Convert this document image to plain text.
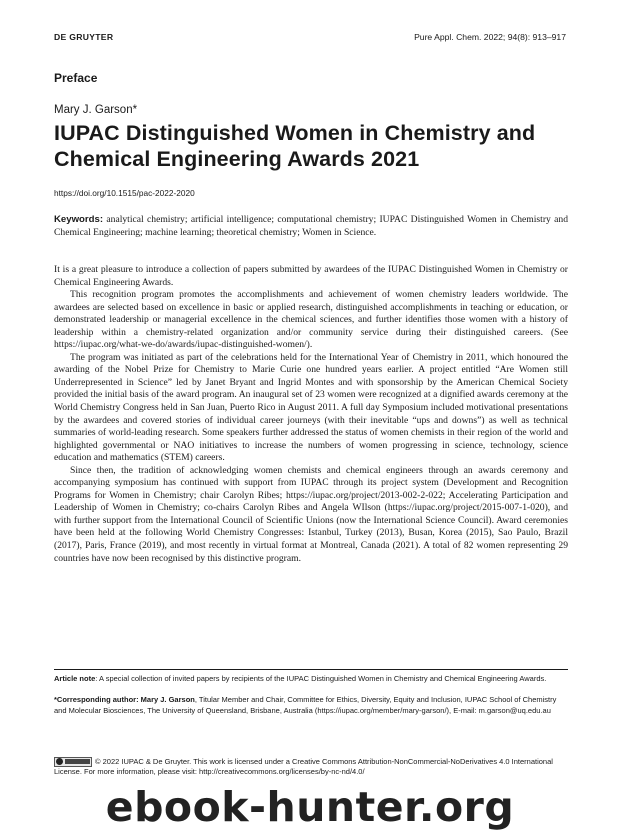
DE GRUYTER	Pure Appl. Chem. 2022; 94(8): 913–917
Preface
Mary J. Garson*
IUPAC Distinguished Women in Chemistry and Chemical Engineering Awards 2021
https://doi.org/10.1515/pac-2022-2020
Keywords: analytical chemistry; artificial intelligence; computational chemistry; IUPAC Distinguished Women in Chemistry and Chemical Engineering; machine learning; theoretical chemistry; Women in Science.

It is a great pleasure to introduce a collection of papers submitted by awardees of the IUPAC Distinguished Women in Chemistry or Chemical Engineering Awards.

This recognition program promotes the accomplishments and achievement of women chemistry leaders worldwide. The awardees are selected based on excellence in basic or applied research, distinguished accomplishments in teaching or education, or demonstrated leadership or managerial excellence in the chemical sciences, and further identifies those women with a history of leadership within a chemistry-related organization and/or community service during their distinguished careers. (See https://iupac.org/what-we-do/awards/iupac-distinguished-women/).

The program was initiated as part of the celebrations held for the International Year of Chemistry in 2011, which honoured the awarding of the Nobel Prize for Chemistry to Marie Curie one hundred years earlier. A project entitled “Are Women still Underrepresented in Science” led by Janet Bryant and Ingrid Montes and with sponsorship by the American Chemical Society provided the initial basis of the award program. An inaugural set of 23 women were recognized at a dignified awards ceremony at the World Chemistry Congress held in San Juan, Puerto Rico in August 2011. A full day Symposium included motivational presentations by the awardees and covered stories of individual career journeys (with their inevitable “ups and downs”) as well as technical summaries of world-leading research. Some speakers further addressed the status of women chemists in their region of the world and highlighted governmental or NAO initiatives to increase the numbers of women progressing in science, technology, science education and mathematics (STEM) careers.

Since then, the tradition of acknowledging women chemists and chemical engineers through an awards ceremony and accompanying symposium has continued with support from IUPAC through its project system (Development and Recognition Programs for Women in Chemistry; chair Carolyn Ribes; https://iupac.org/project/2013-002-2-022; Accelerating Participation and Leadership of Women in Chemistry; co-chairs Carolyn Ribes and Angela WIlson (https://iupac.org/project/2015-007-1-020), and with further support from the International Council of Scientific Unions (now the International Science Council). Award ceremonies have been held at the following World Chemistry Congresses: Istanbul, Turkey (2013), Busan, Korea (2015), Sao Paulo, Brazil (2017), Paris, France (2019), and most recently in virtual format at Montreal, Canada (2021). A total of 82 women representing 29 countries have now been recognised by this distinctive program.

Article note: A special collection of invited papers by recipients of the IUPAC Distinguished Women in Chemistry and Chemical Engineering Awards.

*Corresponding author: Mary J. Garson, Titular Member and Chair, Committee for Ethics, Diversity, Equity and Inclusion, IUPAC School of Chemistry and Molecular Biosciences, The University of Queensland, Brisbane, Australia (https://iupac.org/member/mary-garson/), E-mail: m.garson@uq.edu.au

© 2022 IUPAC & De Gruyter. This work is licensed under a Creative Commons Attribution-NonCommercial-NoDerivatives 4.0 International License. For more information, please visit: http://creativecommons.org/licenses/by-nc-nd/4.0/
ebook-hunter.org
